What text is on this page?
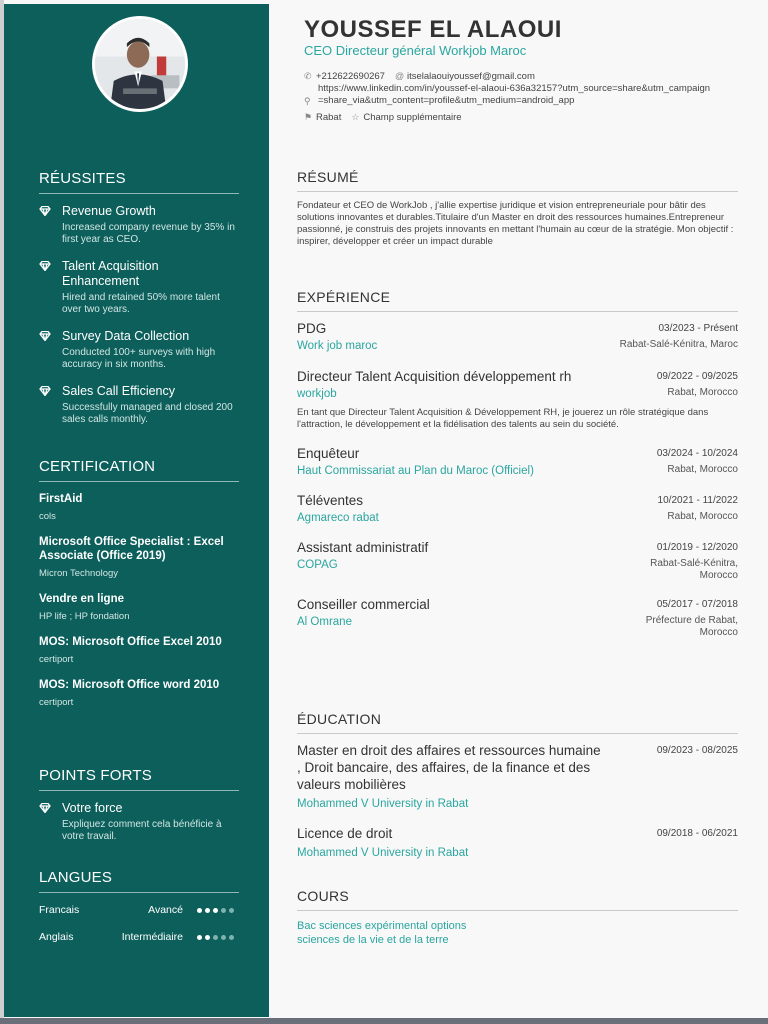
RÉUSSITES
Revenue Growth
Increased company revenue by 35% in first year as CEO.
Talent Acquisition Enhancement
Hired and retained 50% more talent over two years.
Survey Data Collection
Conducted 100+ surveys with high accuracy in six months.
Sales Call Efficiency
Successfully managed and closed 200 sales calls monthly.
CERTIFICATION
FirstAid
cols
Microsoft Office Specialist : Excel Associate (Office 2019)
Micron Technology
Vendre en ligne
HP life ; HP fondation
MOS: Microsoft Office Excel 2010
certiport
MOS: Microsoft Office word 2010
certiport
POINTS FORTS
Votre force
Expliquez comment cela bénéficie à votre travail.
LANGUES
Francais	Avancé
Anglais	Intermédiaire
YOUSSEF EL ALAOUI
CEO Directeur général Workjob Maroc
✆ +212622690267 @ itselalaouiyoussef@gmail.com
⚲
https://www.linkedin.com/in/youssef-el-alaoui-636a32157?utm_source=share&utm_campaign=share_via&utm_content=profile&utm_medium=android_app
⚑ Rabat ☆ Champ supplémentaire
RÉSUMÉ
Fondateur et CEO de WorkJob , j'allie expertise juridique et vision entrepreneuriale pour bâtir des solutions innovantes et durables.Titulaire d'un Master en droit des ressources humaines.Entrepreneur passionné, je construis des projets innovants en mettant l'humain au cœur de la stratégie. Mon objectif : inspirer, développer et créer un impact durable
EXPÉRIENCE
PDG	03/2023 - Présent
Work job maroc	Rabat-Salé-Kénitra, Maroc
Directeur Talent Acquisition développement rh	09/2022 - 09/2025
workjob	Rabat, Morocco
En tant que Directeur Talent Acquisition & Développement RH, je jouerez un rôle stratégique dans l'attraction, le développement et la fidélisation des talents au sein du société.
Enquêteur	03/2024 - 10/2024
Haut Commissariat au Plan du Maroc (Officiel)	Rabat, Morocco
Téléventes	10/2021 - 11/2022
Agmareco rabat	Rabat, Morocco
Assistant administratif	01/2019 - 12/2020
COPAG	Rabat-Salé-Kénitra, Morocco
Conseiller commercial	05/2017 - 07/2018
Al Omrane	Préfecture de Rabat, Morocco
ÉDUCATION
Master en droit des affaires et ressources humaine , Droit bancaire, des affaires, de la finance et des valeurs mobilières
09/2023 - 08/2025
Mohammed V University in Rabat
Licence de droit	09/2018 - 06/2021
Mohammed V University in Rabat
COURS
Bac sciences expérimental options sciences de la vie et de la terre
